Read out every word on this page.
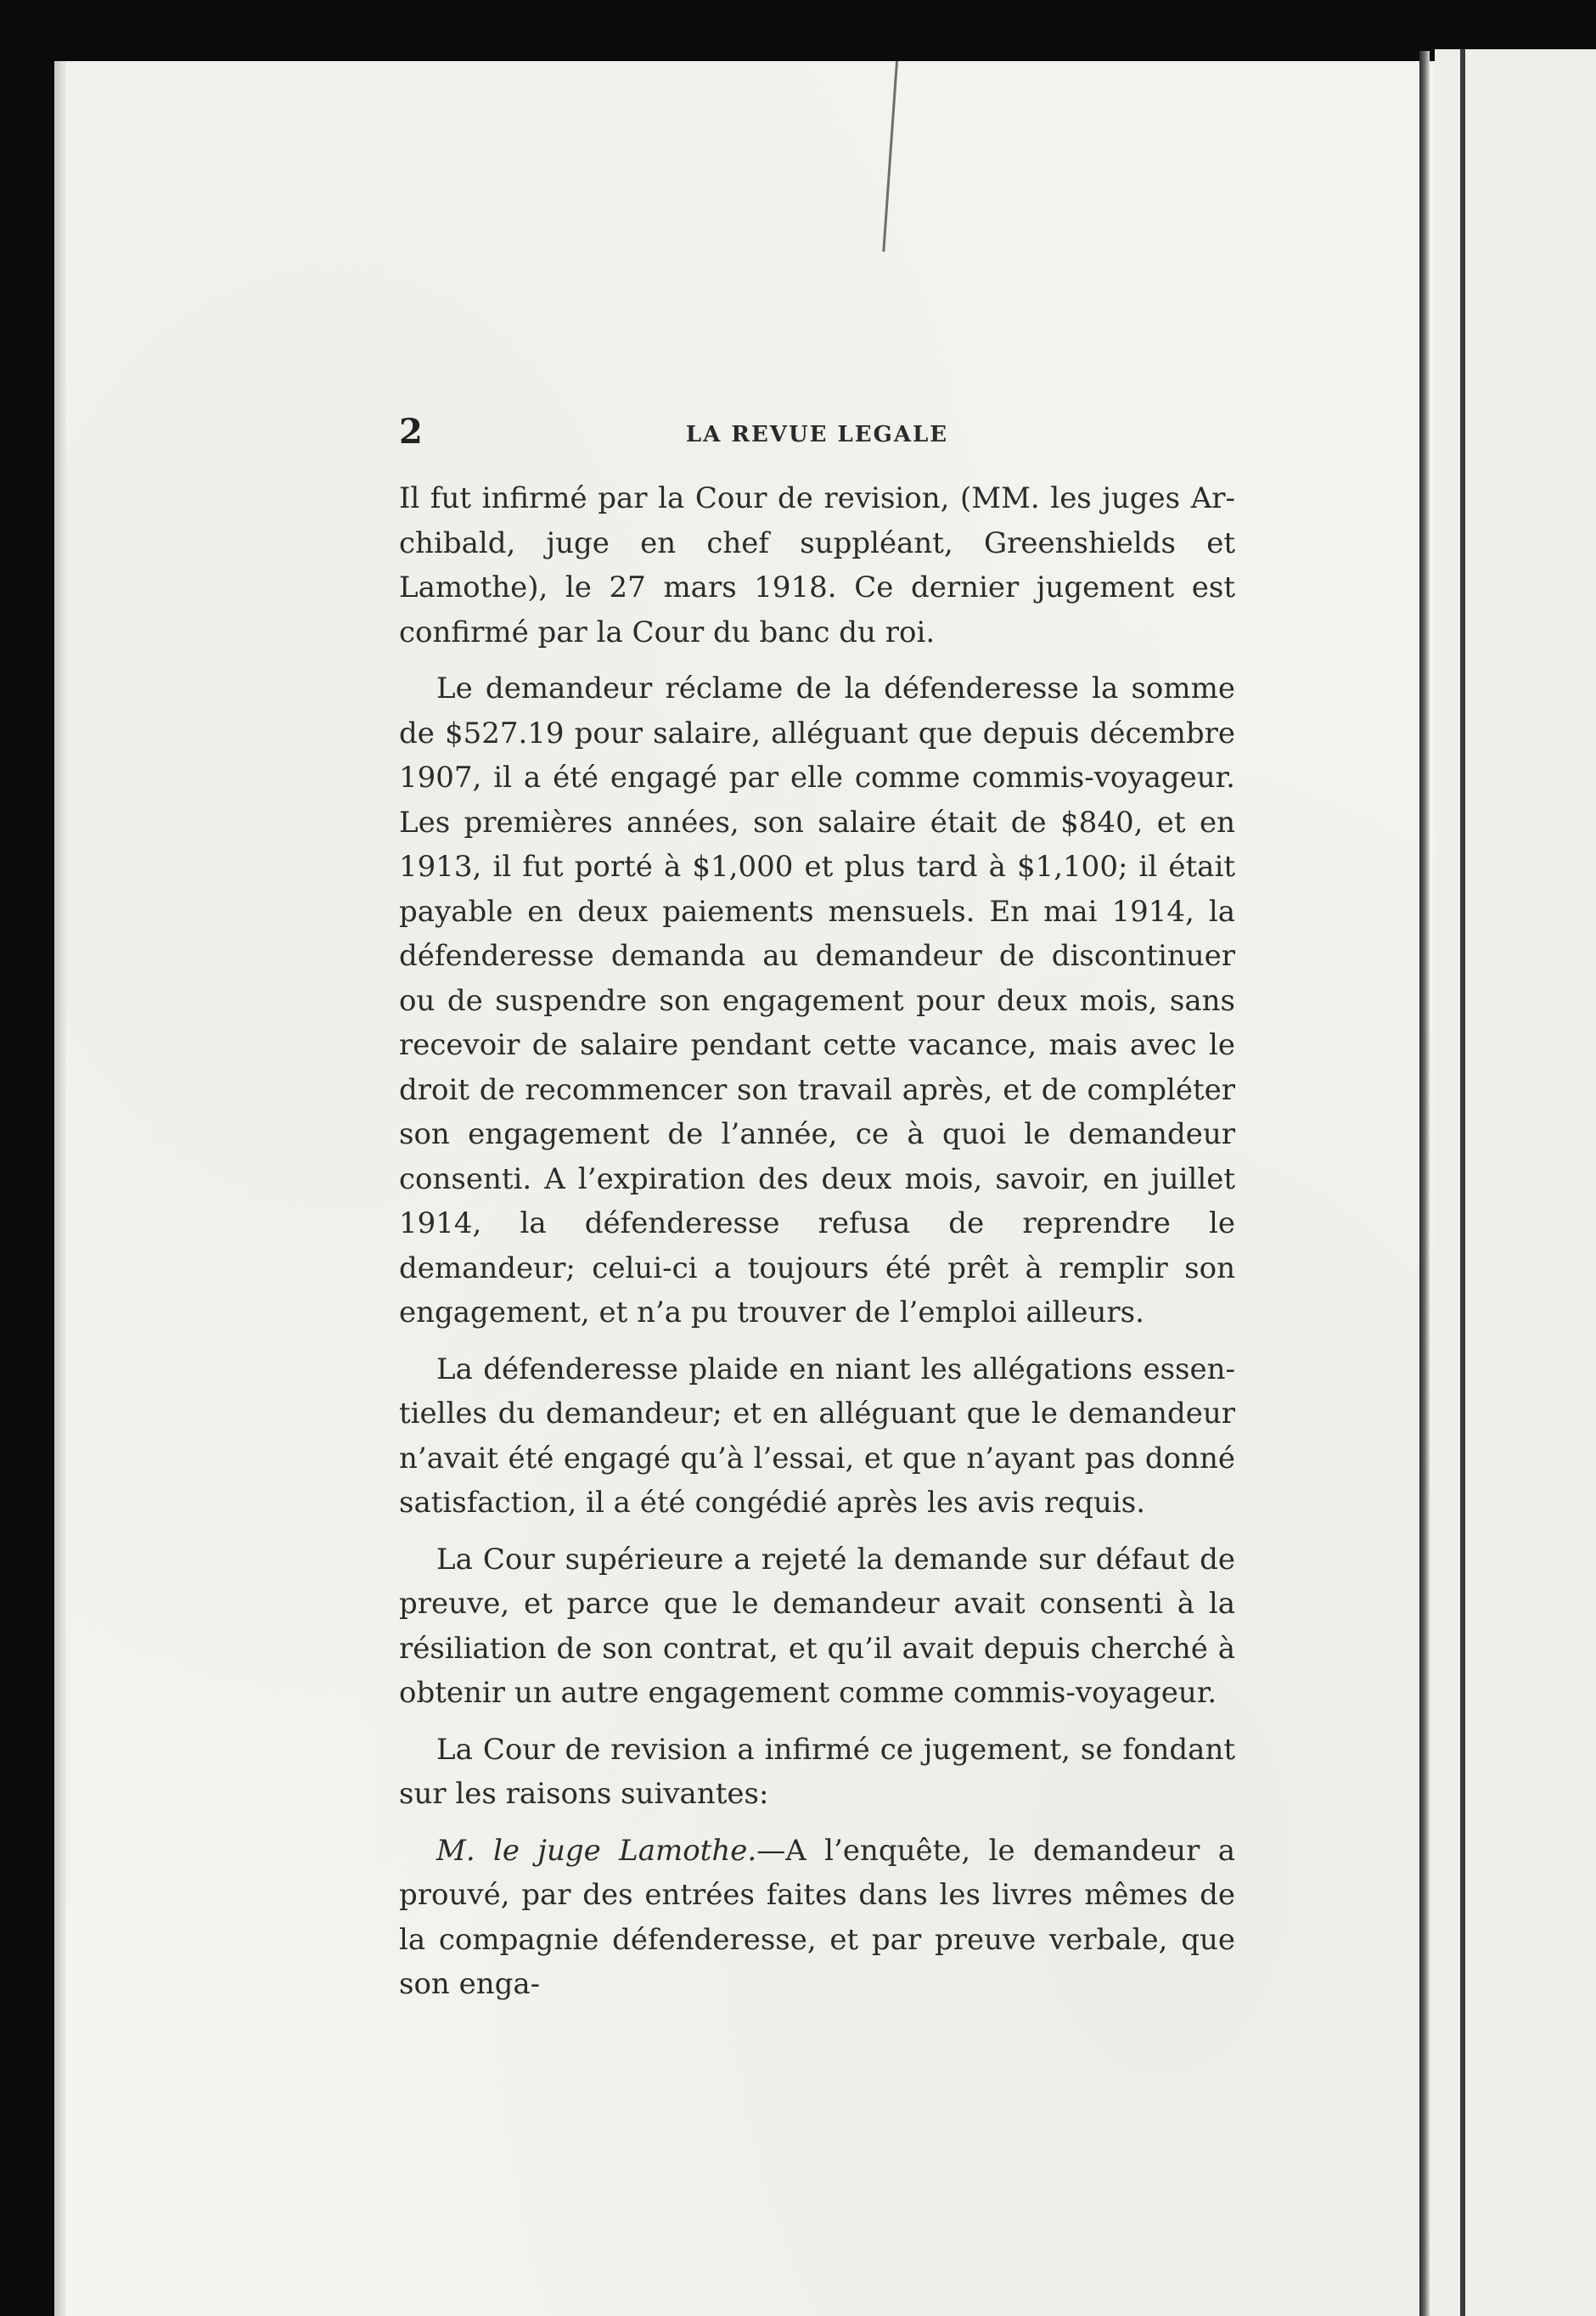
2	LA REVUE LEGALE

Il fut infirmé par la Cour de revision, (MM. les juges Archibald, juge en chef suppléant, Greenshields et Lamothe), le 27 mars 1918. Ce dernier jugement est confirmé par la Cour du banc du roi.

Le demandeur réclame de la défenderesse la somme de $527.19 pour salaire, alléguant que depuis décembre 1907, il a été engagé par elle comme commis-voyageur. Les premières années, son salaire était de $840, et en 1913, il fut porté à $1,000 et plus tard à $1,100; il était payable en deux paiements mensuels. En mai 1914, la défenderesse demanda au demandeur de discontinuer ou de suspendre son engagement pour deux mois, sans recevoir de salaire pendant cette vacance, mais avec le droit de recommencer son travail après, et de compléter son engagement de l’année, ce à quoi le demandeur consenti. A l’expiration des deux mois, savoir, en juillet 1914, la défenderesse refusa de reprendre le demandeur; celui-ci a toujours été prêt à remplir son engagement, et n’a pu trouver de l’emploi ailleurs.

La défenderesse plaide en niant les allégations essentielles du demandeur; et en alléguant que le demandeur n’avait été engagé qu’à l’essai, et que n’ayant pas donné satisfaction, il a été congédié après les avis requis.

La Cour supérieure a rejeté la demande sur défaut de preuve, et parce que le demandeur avait consenti à la résiliation de son contrat, et qu’il avait depuis cherché à obtenir un autre engagement comme commis-voyageur.

La Cour de revision a infirmé ce jugement, se fondant sur les raisons suivantes:

M. le juge Lamothe.—A l’enquête, le demandeur a prouvé, par des entrées faites dans les livres mêmes de la compagnie défenderesse, et par preuve verbale, que son enga-
